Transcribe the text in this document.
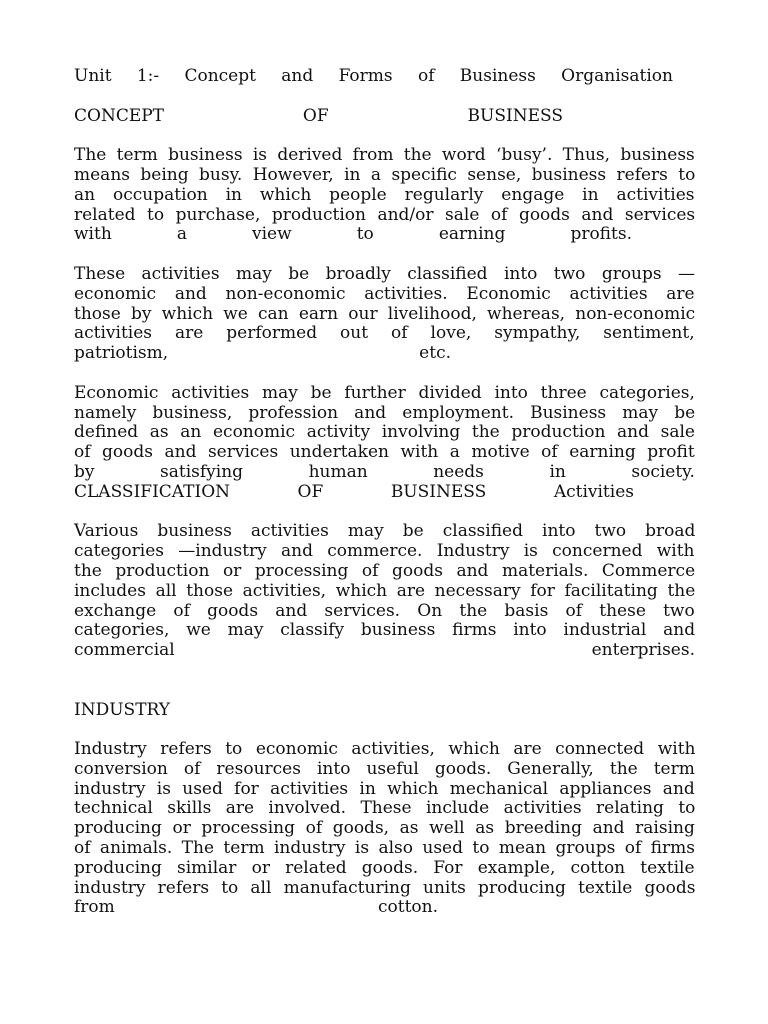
Unit 1:- Concept and Forms of Business Organisation
CONCEPT	OF	BUSINESS
The term business is derived from the word ‘busy’. Thus, business
means being busy. However, in a specific sense, business refers to
an occupation in which people regularly engage in activities
related to purchase, production and/or sale of goods and services
with	a	view	to	earning	profits.
These activities may be broadly classified into two groups —
economic and non-economic activities. Economic activities are
those by which we can earn our livelihood, whereas, non-economic
activities are performed out of love, sympathy, sentiment,
patriotism,	etc.
Economic activities may be further divided into three categories,
namely business, profession and employment. Business may be
defined as an economic activity involving the production and sale
of goods and services undertaken with a motive of earning profit
by	satisfying	human	needs	in	society.
CLASSIFICATION	OF	BUSINESS	Activities
Various business activities may be classified into two broad
categories —industry and commerce. Industry is concerned with
the production or processing of goods and materials. Commerce
includes all those activities, which are necessary for facilitating the
exchange of goods and services. On the basis of these two
categories, we may classify business firms into industrial and
commercial	enterprises.
INDUSTRY
Industry refers to economic activities, which are connected with
conversion of resources into useful goods. Generally, the term
industry is used for activities in which mechanical appliances and
technical skills are involved. These include activities relating to
producing or processing of goods, as well as breeding and raising
of animals. The term industry is also used to mean groups of firms
producing similar or related goods. For example, cotton textile
industry refers to all manufacturing units producing textile goods
from	cotton.
